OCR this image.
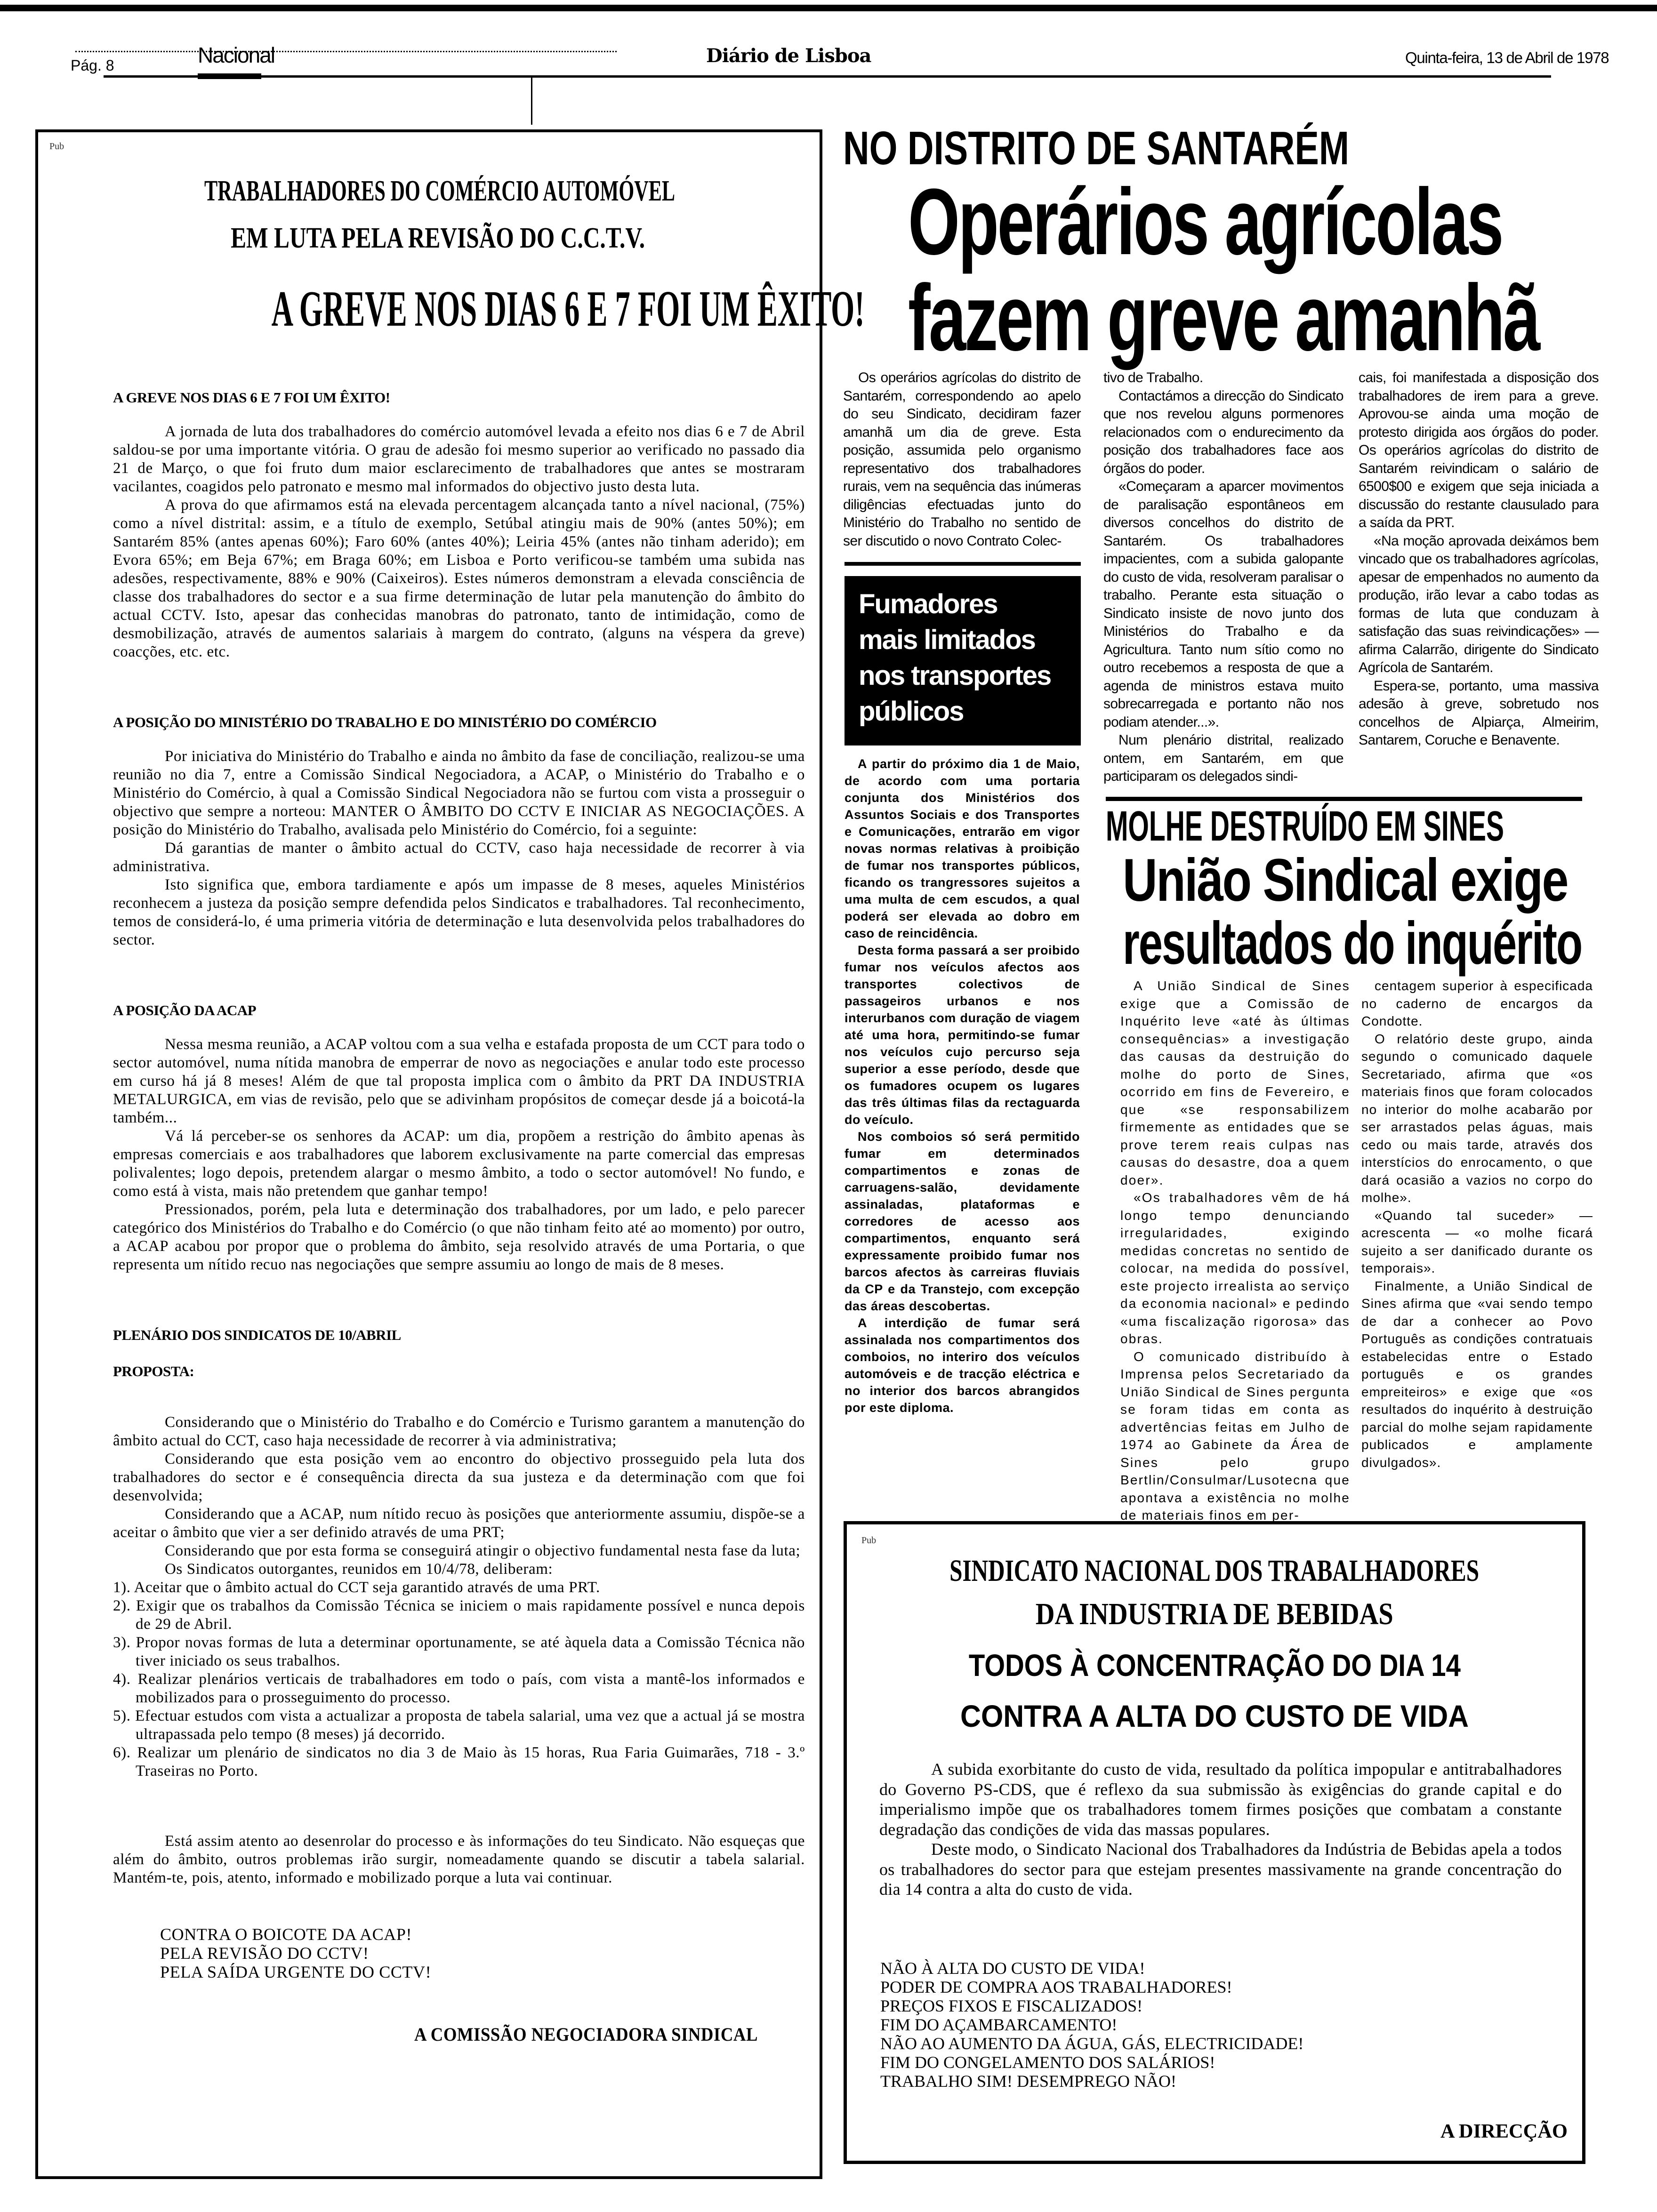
Pág. 8	Nacional	Diário de Lisboa	Quinta-feira, 13 de Abril de 1978
Pub
TRABALHADORES DO COMÉRCIO AUTOMÓVEL
EM LUTA PELA REVISÃO DO C.C.T.V.
A GREVE NOS DIAS 6 E 7 FOI UM ÊXITO!
A GREVE NOS DIAS 6 E 7 FOI UM ÊXITO!

A jornada de luta dos trabalhadores do comércio automóvel levada a efeito nos dias 6 e 7 de Abril saldou-se por uma importante vitória. O grau de adesão foi mesmo superior ao verificado no passado dia 21 de Março, o que foi fruto dum maior esclarecimento de trabalhadores que antes se mostraram vacilantes, coagidos pelo patronato e mesmo mal informados do objectivo justo desta luta.

A prova do que afirmamos está na elevada percentagem alcançada tanto a nível nacional, (75%) como a nível distrital: assim, e a título de exemplo, Setúbal atingiu mais de 90% (antes 50%); em Santarém 85% (antes apenas 60%); Faro 60% (antes 40%); Leiria 45% (antes não tinham aderido); em Evora 65%; em Beja 67%; em Braga 60%; em Lisboa e Porto verificou-se também uma subida nas adesões, respectivamente, 88% e 90% (Caixeiros). Estes números demonstram a elevada consciência de classe dos trabalhadores do sector e a sua firme determinação de lutar pela manutenção do âmbito do actual CCTV. Isto, apesar das conhecidas manobras do patronato, tanto de intimidação, como de desmobilização, através de aumentos salariais à margem do contrato, (alguns na véspera da greve) coacções, etc. etc.

A POSIÇÃO DO MINISTÉRIO DO TRABALHO E DO MINISTÉRIO DO COMÉRCIO

Por iniciativa do Ministério do Trabalho e ainda no âmbito da fase de conciliação, realizou-se uma reunião no dia 7, entre a Comissão Sindical Negociadora, a ACAP, o Ministério do Trabalho e o Ministério do Comércio, à qual a Comissão Sindical Negociadora não se furtou com vista a prosseguir o objectivo que sempre a norteou: MANTER O ÂMBITO DO CCTV E INICIAR AS NEGOCIAÇÕES. A posição do Ministério do Trabalho, avalisada pelo Ministério do Comércio, foi a seguinte:

Dá garantias de manter o âmbito actual do CCTV, caso haja necessidade de recorrer à via administrativa.

Isto significa que, embora tardiamente e após um impasse de 8 meses, aqueles Ministérios reconhecem a justeza da posição sempre defendida pelos Sindicatos e trabalhadores. Tal reconhecimento, temos de considerá-lo, é uma primeria vitória de determinação e luta desenvolvida pelos trabalhadores do sector.

A POSIÇÃO DA ACAP

Nessa mesma reunião, a ACAP voltou com a sua velha e estafada proposta de um CCT para todo o sector automóvel, numa nítida manobra de emperrar de novo as negociações e anular todo este processo em curso há já 8 meses! Além de que tal proposta implica com o âmbito da PRT DA INDUSTRIA METALURGICA, em vias de revisão, pelo que se adivinham propósitos de começar desde já a boicotá-la também...

Vá lá perceber-se os senhores da ACAP: um dia, propõem a restrição do âmbito apenas às empresas comerciais e aos trabalhadores que laborem exclusivamente na parte comercial das empresas polivalentes; logo depois, pretendem alargar o mesmo âmbito, a todo o sector automóvel! No fundo, e como está à vista, mais não pretendem que ganhar tempo!

Pressionados, porém, pela luta e determinação dos trabalhadores, por um lado, e pelo parecer categórico dos Ministérios do Trabalho e do Comércio (o que não tinham feito até ao momento) por outro, a ACAP acabou por propor que o problema do âmbito, seja resolvido através de uma Portaria, o que representa um nítido recuo nas negociações que sempre assumiu ao longo de mais de 8 meses.

PLENÁRIO DOS SINDICATOS DE 10/ABRIL
PROPOSTA:

Considerando que o Ministério do Trabalho e do Comércio e Turismo garantem a manutenção do âmbito actual do CCT, caso haja necessidade de recorrer à via administrativa;

Considerando que esta posição vem ao encontro do objectivo prosseguido pela luta dos trabalhadores do sector e é consequência directa da sua justeza e da determinação com que foi desenvolvida;

Considerando que a ACAP, num nítido recuo às posições que anteriormente assumiu, dispõe-se a aceitar o âmbito que vier a ser definido através de uma PRT;

Considerando que por esta forma se conseguirá atingir o objectivo fundamental nesta fase da luta;

Os Sindicatos outorgantes, reunidos em 10/4/78, deliberam:

1). Aceitar que o âmbito actual do CCT seja garantido através de uma PRT.

2). Exigir que os trabalhos da Comissão Técnica se iniciem o mais rapidamente possível e nunca depois de 29 de Abril.

3). Propor novas formas de luta a determinar oportunamente, se até àquela data a Comissão Técnica não tiver iniciado os seus trabalhos.

4). Realizar plenários verticais de trabalhadores em todo o país, com vista a mantê-los informados e mobilizados para o prosseguimento do processo.

5). Efectuar estudos com vista a actualizar a proposta de tabela salarial, uma vez que a actual já se mostra ultrapassada pelo tempo (8 meses) já decorrido.

6). Realizar um plenário de sindicatos no dia 3 de Maio às 15 horas, Rua Faria Guimarães, 718 - 3.º Traseiras no Porto.

Está assim atento ao desenrolar do processo e às informações do teu Sindicato. Não esqueças que além do âmbito, outros problemas irão surgir, nomeadamente quando se discutir a tabela salarial. Mantém-te, pois, atento, informado e mobilizado porque a luta vai continuar.

CONTRA O BOICOTE DA ACAP!

PELA REVISÃO DO CCTV!

PELA SAÍDA URGENTE DO CCTV!

A COMISSÃO NEGOCIADORA SINDICAL
NO DISTRITO DE SANTARÉM
Operários agrícolas
fazem greve amanhã

Os operários agrícolas do distrito de Santarém, correspondendo ao apelo do seu Sindicato, decidiram fazer amanhã um dia de greve. Esta posição, assumida pelo organismo representativo dos trabalhadores rurais, vem na sequência das inúmeras diligências efectuadas junto do Ministério do Trabalho no sentido de ser discutido o novo Contrato Colec-

tivo de Trabalho.

Contactámos a direcção do Sindicato que nos revelou alguns pormenores relacionados com o endurecimento da posição dos trabalhadores face aos órgãos do poder.

«Começaram a aparcer movimentos de paralisação espontâneos em diversos concelhos do distrito de Santarém. Os trabalhadores impacientes, com a subida galopante do custo de vida, resolveram paralisar o trabalho. Perante esta situação o Sindicato insiste de novo junto dos Ministérios do Trabalho e da Agricultura. Tanto num sítio como no outro recebemos a resposta de que a agenda de ministros estava muito sobrecarregada e portanto não nos podiam atender...».

Num plenário distrital, realizado ontem, em Santarém, em que participaram os delegados sindi-

cais, foi manifestada a disposição dos trabalhadores de irem para a greve. Aprovou-se ainda uma moção de protesto dirigida aos órgãos do poder. Os operários agrícolas do distrito de Santarém reivindicam o salário de 6500$00 e exigem que seja iniciada a discussão do restante clausulado para a saída da PRT.

«Na moção aprovada deixámos bem vincado que os trabalhadores agrícolas, apesar de empenhados no aumento da produção, irão levar a cabo todas as formas de luta que conduzam à satisfação das suas reivindicações» — afirma Calarrão, dirigente do Sindicato Agrícola de Santarém.

Espera-se, portanto, uma massiva adesão à greve, sobretudo nos concelhos de Alpiarça, Almeirim, Santarem, Coruche e Benavente.

Fumadores
mais limitados
nos transportes
públicos

A partir do próximo dia 1 de Maio, de acordo com uma portaria conjunta dos Ministérios dos Assuntos Sociais e dos Transportes e Comunicações, entrarão em vigor novas normas relativas à proibição de fumar nos transportes públicos, ficando os trangressores sujeitos a uma multa de cem escudos, a qual poderá ser elevada ao dobro em caso de reincidência.

Desta forma passará a ser proibido fumar nos veículos afectos aos transportes colectivos de passageiros urbanos e nos interurbanos com duração de viagem até uma hora, permitindo-se fumar nos veículos cujo percurso seja superior a esse período, desde que os fumadores ocupem os lugares das três últimas filas da rectaguarda do veículo.

Nos comboios só será permitido fumar em determinados compartimentos e zonas de carruagens-salão, devidamente assinaladas, plataformas e corredores de acesso aos compartimentos, enquanto será expressamente proibido fumar nos barcos afectos às carreiras fluviais da CP e da Transtejo, com excepção das áreas descobertas.

A interdição de fumar será assinalada nos compartimentos dos comboios, no interiro dos veículos automóveis e de tracção eléctrica e no interior dos barcos abrangidos por este diploma.

MOLHE DESTRUÍDO EM SINES
União Sindical exige
resultados do inquérito

A União Sindical de Sines exige que a Comissão de Inquérito leve «até às últimas consequências» a investigação das causas da destruição do molhe do porto de Sines, ocorrido em fins de Fevereiro, e que «se responsabilizem firmemente as entidades que se prove terem reais culpas nas causas do desastre, doa a quem doer».

«Os trabalhadores vêm de há longo tempo denunciando irregularidades, exigindo medidas concretas no sentido de colocar, na medida do possível, este projecto irrealista ao serviço da economia nacional» e pedindo «uma fiscalização rigorosa» das obras.

O comunicado distribuído à Imprensa pelos Secretariado da União Sindical de Sines pergunta se foram tidas em conta as advertências feitas em Julho de 1974 ao Gabinete da Área de Sines pelo grupo Bertlin/Consulmar/Lusotecna que apontava a existência no molhe de materiais finos em per-

centagem superior à especificada no caderno de encargos da Condotte.

O relatório deste grupo, ainda segundo o comunicado daquele Secretariado, afirma que «os materiais finos que foram colocados no interior do molhe acabarão por ser arrastados pelas águas, mais cedo ou mais tarde, através dos interstícios do enrocamento, o que dará ocasião a vazios no corpo do molhe».

«Quando tal suceder» — acrescenta — «o molhe ficará sujeito a ser danificado durante os temporais».

Finalmente, a União Sindical de Sines afirma que «vai sendo tempo de dar a conhecer ao Povo Português as condições contratuais estabelecidas entre o Estado português e os grandes empreiteiros» e exige que «os resultados do inquérito à destruição parcial do molhe sejam rapidamente publicados e amplamente divulgados».

Pub
SINDICATO NACIONAL DOS TRABALHADORES
DA INDUSTRIA DE BEBIDAS
TODOS À CONCENTRAÇÃO DO DIA 14
CONTRA A ALTA DO CUSTO DE VIDA

A subida exorbitante do custo de vida, resultado da política impopular e antitrabalhadores do Governo PS-CDS, que é reflexo da sua submissão às exigências do grande capital e do imperialismo impõe que os trabalhadores tomem firmes posições que combatam a constante degradação das condições de vida das massas populares.

Deste modo, o Sindicato Nacional dos Trabalhadores da Indústria de Bebidas apela a todos os trabalhadores do sector para que estejam presentes massivamente na grande concentração do dia 14 contra a alta do custo de vida.

NÃO À ALTA DO CUSTO DE VIDA!

PODER DE COMPRA AOS TRABALHADORES!

PREÇOS FIXOS E FISCALIZADOS!

FIM DO AÇAMBARCAMENTO!

NÃO AO AUMENTO DA ÁGUA, GÁS, ELECTRICIDADE!

FIM DO CONGELAMENTO DOS SALÁRIOS!

TRABALHO SIM! DESEMPREGO NÃO!

A DIRECÇÃO
